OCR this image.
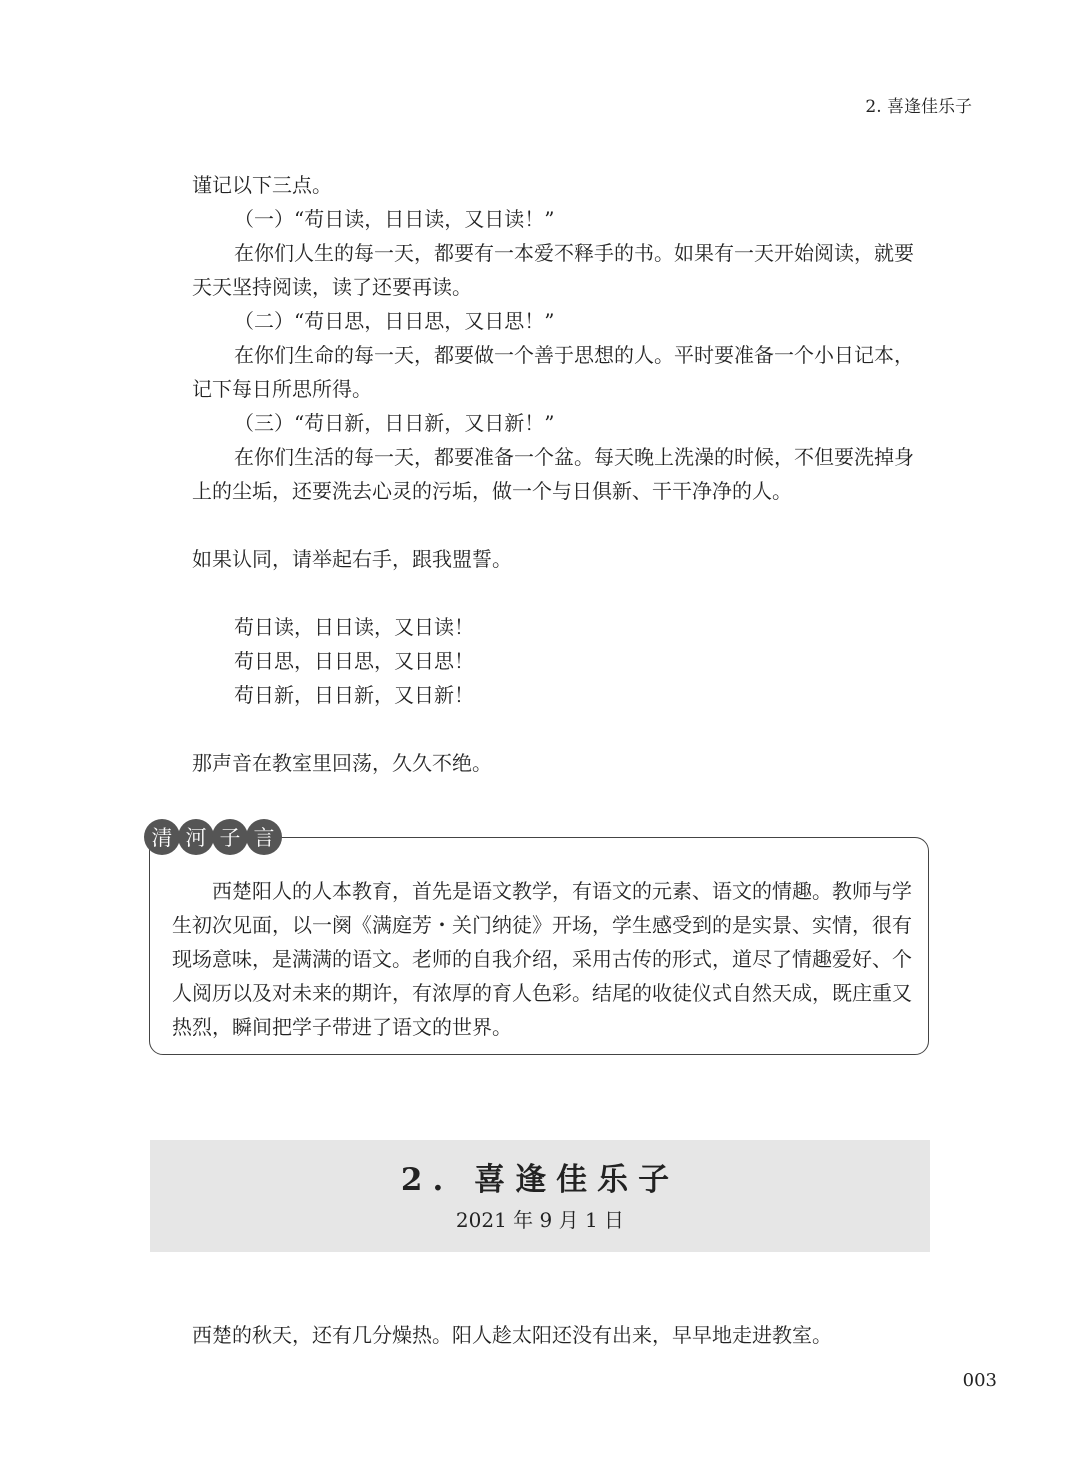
2. 喜逢佳乐子
谨记以下三点。
（一）“苟日读，日日读，又日读！”
在你们人生的每一天，都要有一本爱不释手的书。如果有一天开始阅读，就要
天天坚持阅读，读了还要再读。
（二）“苟日思，日日思，又日思！”
在你们生命的每一天，都要做一个善于思想的人。平时要准备一个小日记本，
记下每日所思所得。
（三）“苟日新，日日新，又日新！”
在你们生活的每一天，都要准备一个盆。每天晚上洗澡的时候，不但要洗掉身
上的尘垢，还要洗去心灵的污垢，做一个与日俱新、干干净净的人。
如果认同，请举起右手，跟我盟誓。
苟日读，日日读，又日读！
苟日思，日日思，又日思！
苟日新，日日新，又日新！
那声音在教室里回荡，久久不绝。
清 河 子 言
西楚阳人的人本教育，首先是语文教学，有语文的元素、语文的情趣。教师与学生初次见面，以一阕《满庭芳・关门纳徒》开场，学生感受到的是实景、实情，很有现场意味，是满满的语文。老师的自我介绍，采用古传的形式，道尽了情趣爱好、个人阅历以及对未来的期许，有浓厚的育人色彩。结尾的收徒仪式自然天成，既庄重又热烈，瞬间把学子带进了语文的世界。
2. 喜逢佳乐子
2021 年 9 月 1 日
西楚的秋天，还有几分燥热。阳人趁太阳还没有出来，早早地走进教室。
003
